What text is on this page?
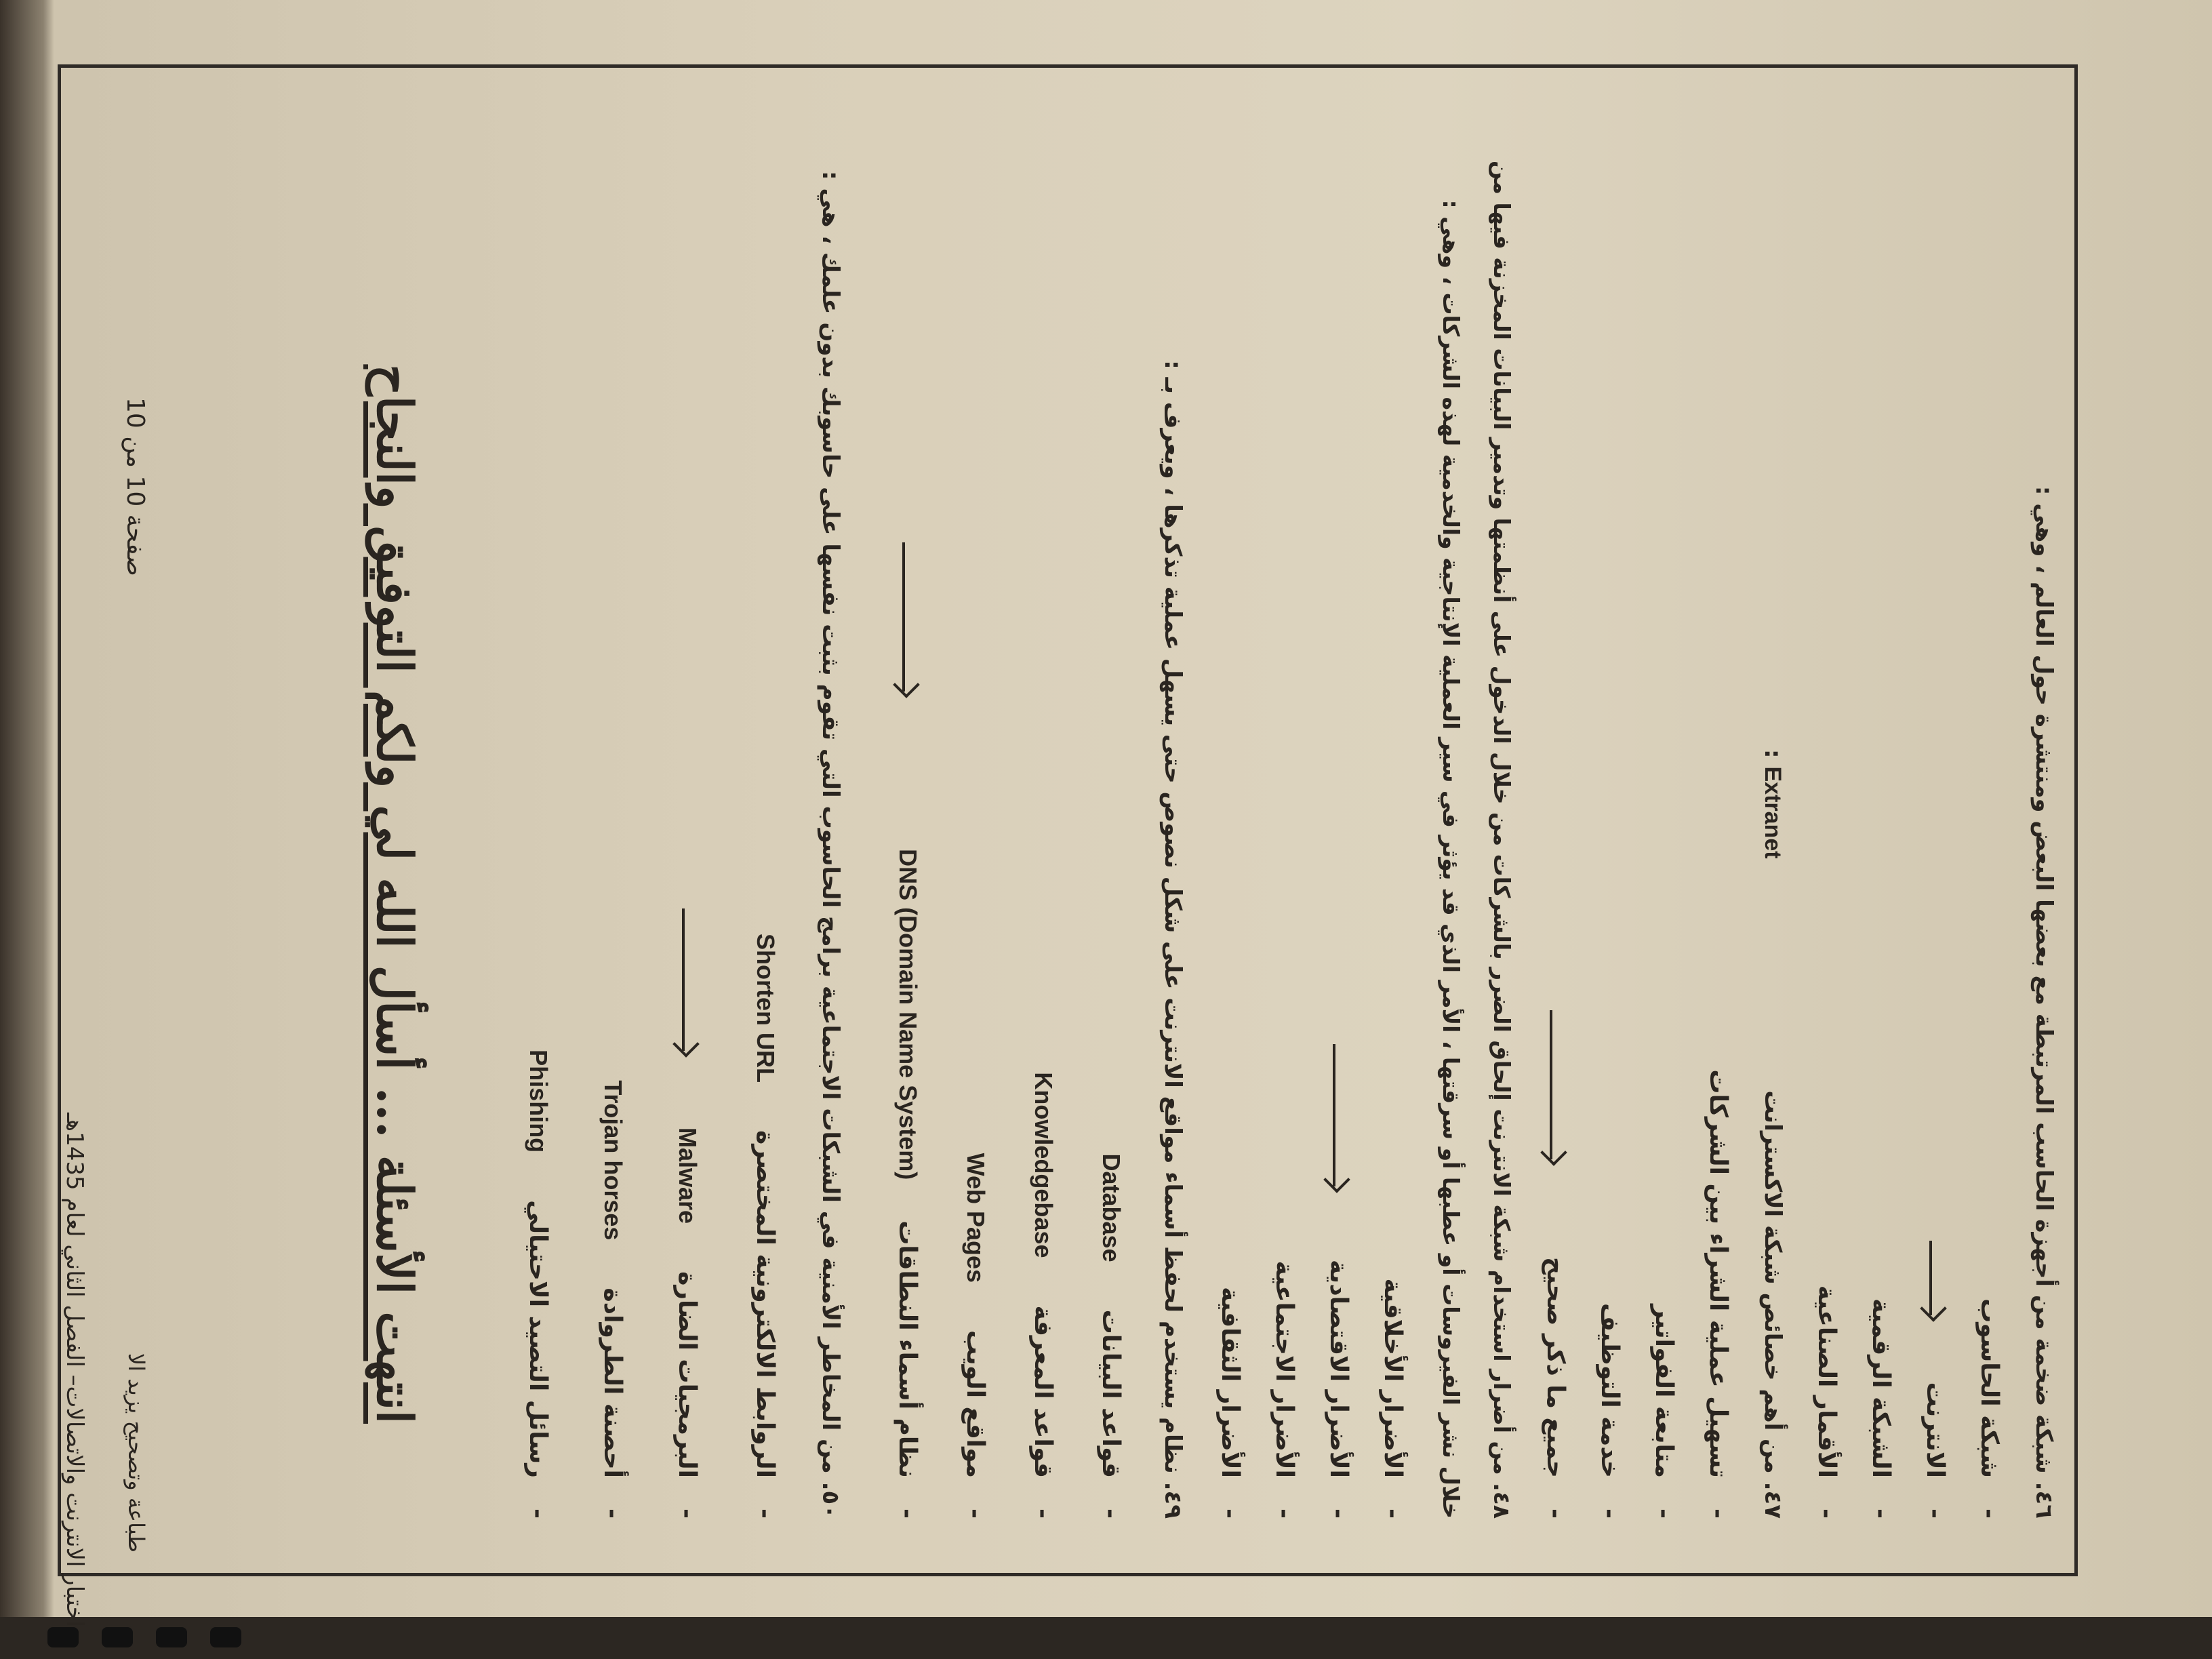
٤٦. شبكة ضخمة من أجهزة الحاسب المرتبطة مع بعضها البعض ومنتشرة حول العالم ، وهي :
-شبكة الحاسوب
-الانترنت
-الشبكة الرقمية
-الأقمار الصناعية
٤٧. من أهم خصائص شبكة الاكسترانت Extranet :
-تسهيل عملية الشراء بين الشركات
-متابعة الفواتير
-خدمة التوظيف
-جميع ما ذكر صحيح
٤٨. من أضرار استخدام شبكة الانترنت إلحاق الضرر بالشركات من خلال الدخول على أنظمتها وتدمير البيانات المخزنة فيها من
خلال نشر الفيروسات أو عطبها أو سرقتها ، الأمر الذي قد يؤثر في سير العملية الإنتاجية والخدمية لهذه الشركات ، وهي :
-الأضرار الأخلاقية
-الأضرار الاقتصادية
-الأضرار الاجتماعية
-الأضرار الثقافية
٤٩. نظام يستخدم لحفظ أسماء مواقع الانترنت على شكل نصوص حتى يسهل عملية تذكرها ، ويعرف بـ :
-قواعد البياناتDatabase
-قواعد المعرفةKnowledgebase
-مواقع الويبWeb Pages
-نظام أسماء النطاقاتDNS (Domain Name System)
٥٠. من المخاطر الأمنية في الشبكات الاجتماعية برامج الحاسوب التي تقوم بثبت نفسها على حاسوبك بدون علمك ، هي :
-الروابط الالكترونية المختصرةShorten URL
-البرمجيات الضارةMalware
-أحصنة الطروادةTrojan horses
-رسائل التصيد الاحتياليPhishing
انتهت الأسئلة ... أسأل الله لي ولكم التوفيق والنجاح
صفحة 10 من 10
طباعة وتصحيح يزيد الا
اختبار الانترنت والاتصالات– الفصل الثاني لعام 1435هـ
